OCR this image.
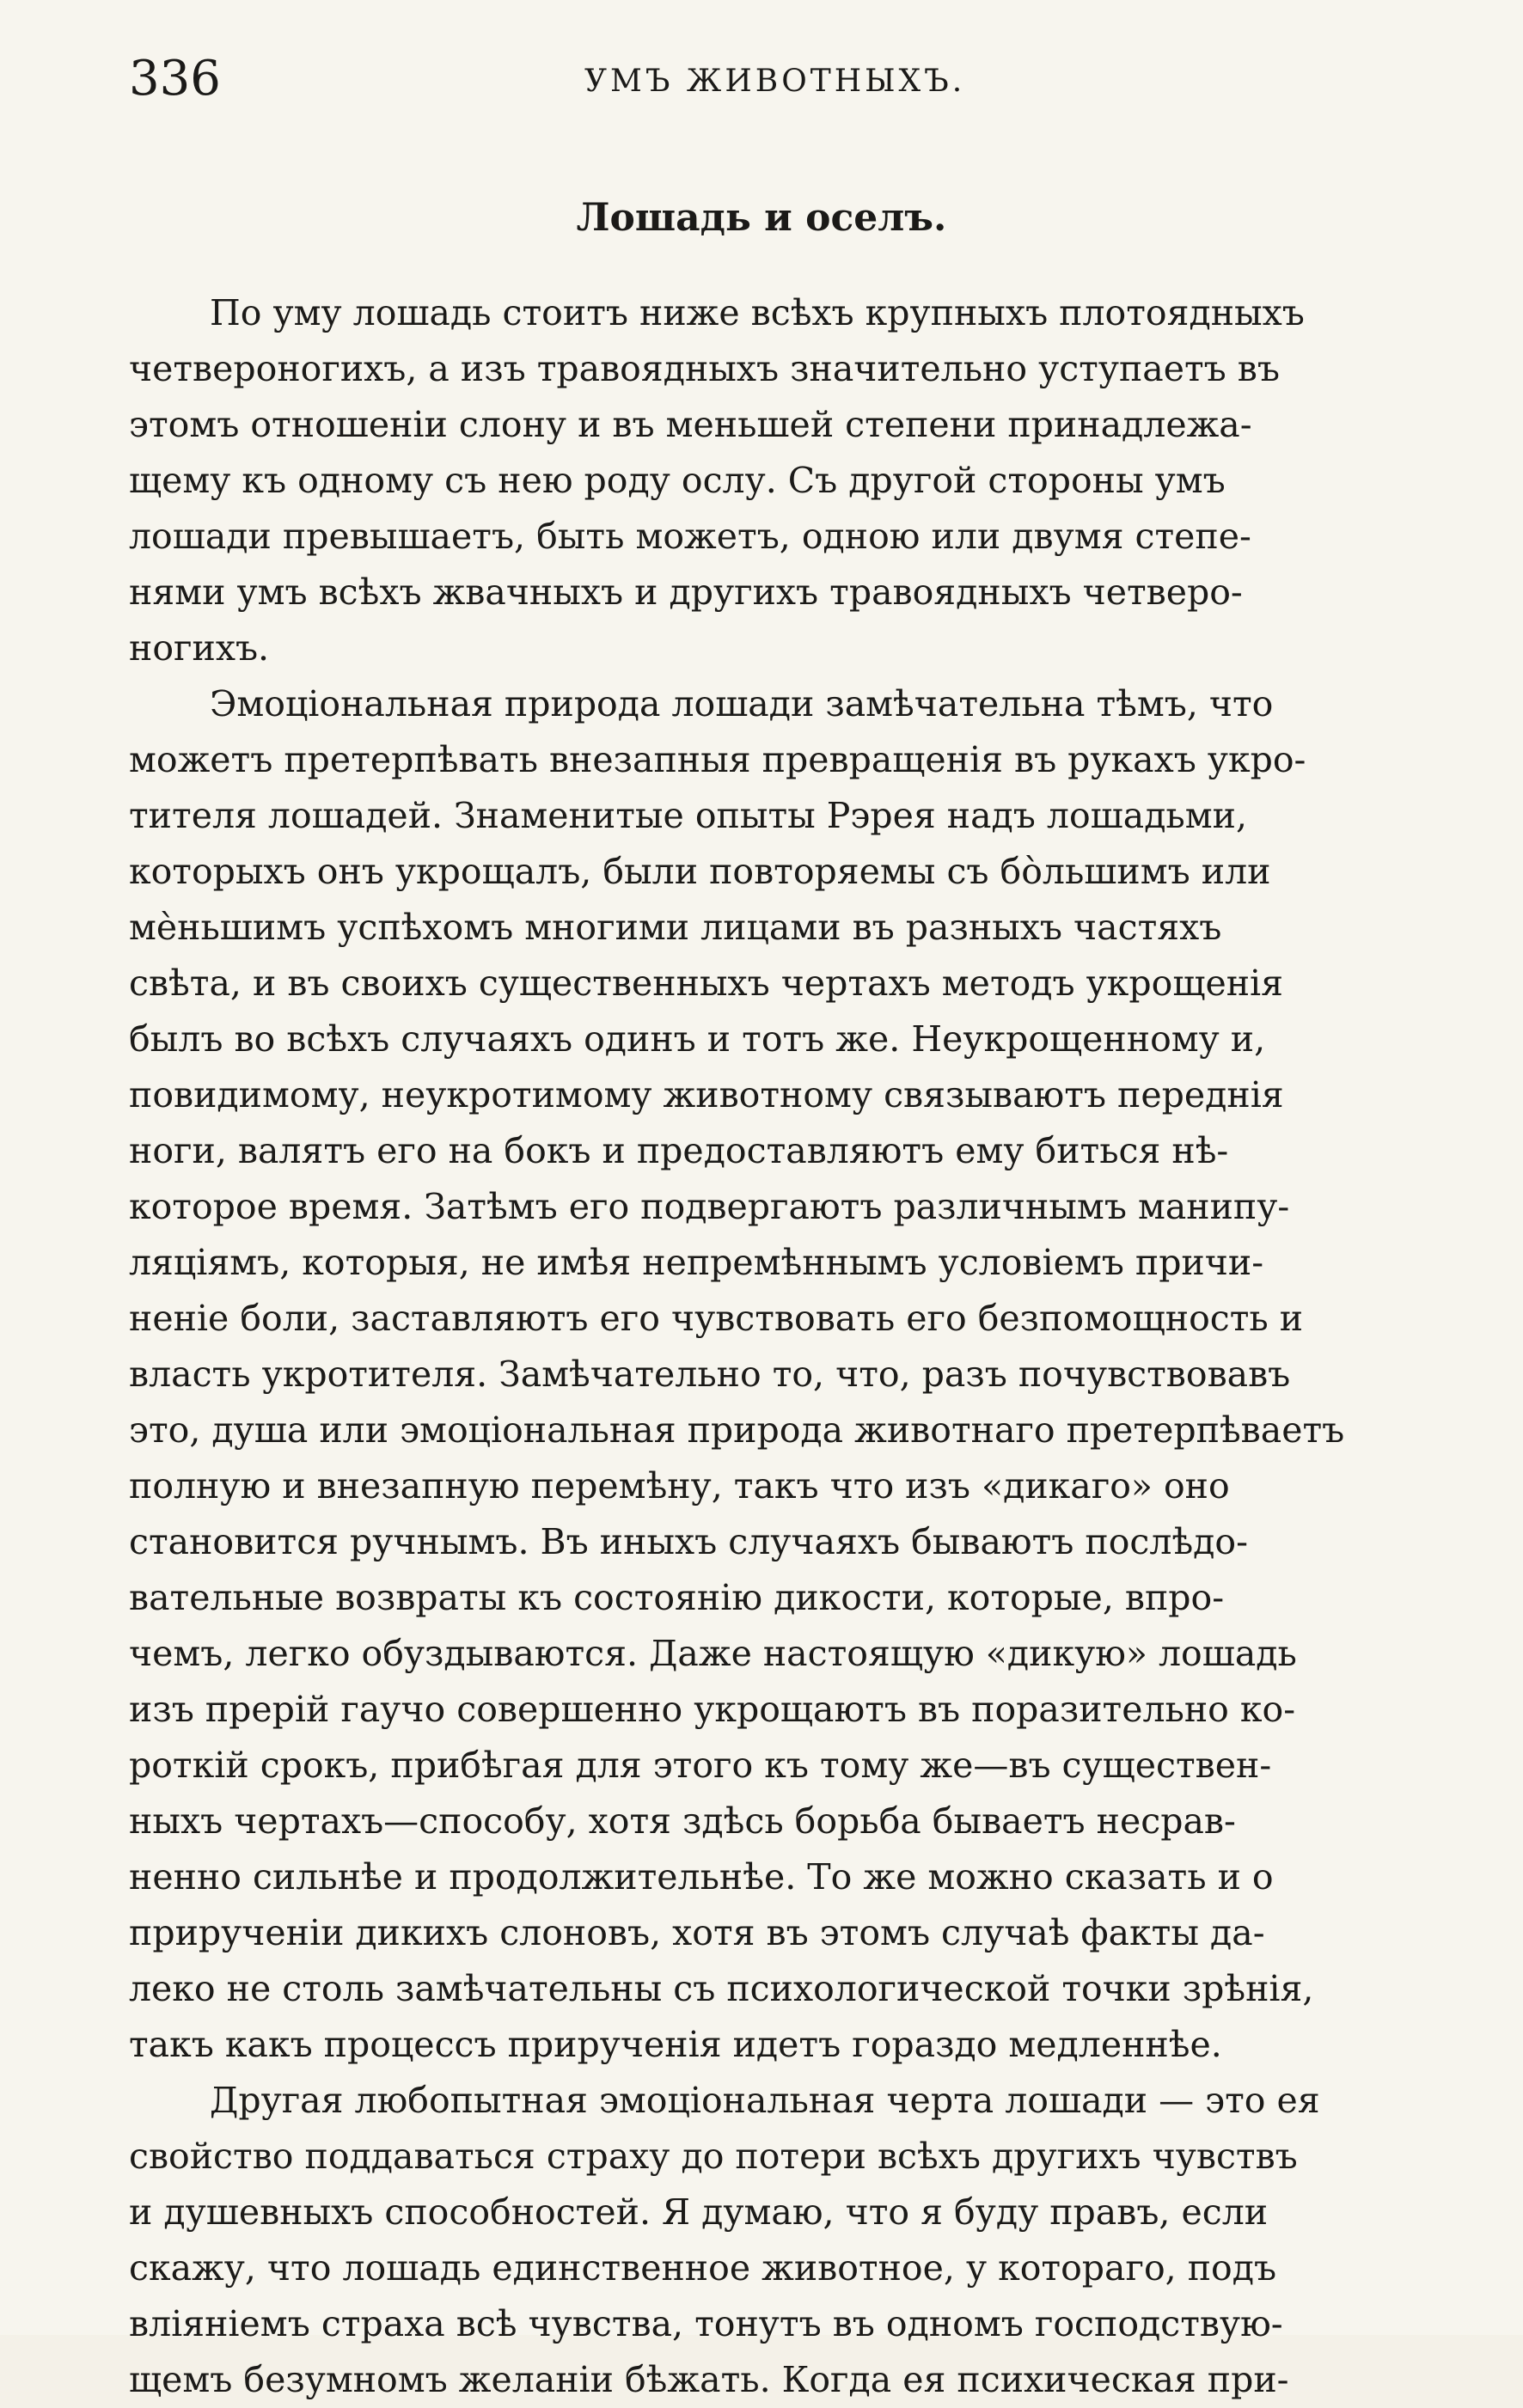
336	УМЪ ЖИВОТНЫХЪ.
Лошадь и оселъ.

По уму лошадь стоитъ ниже всѣхъ крупныхъ плотоядныхъ
четвероногихъ, а изъ травоядныхъ значительно уступаетъ въ
этомъ отношеніи слону и въ меньшей степени принадлежа-
щему къ одному съ нею роду ослу. Съ другой стороны умъ
лошади превышаетъ, быть можетъ, одною или двумя степе-
нями умъ всѣхъ жвачныхъ и другихъ травоядныхъ четверо-
ногихъ.

Эмоціональная природа лошади замѣчательна тѣмъ, что
можетъ претерпѣвать внезапныя превращенія въ рукахъ укро-
тителя лошадей. Знаменитые опыты Рэрея надъ лошадьми,
которыхъ онъ укрощалъ, были повторяемы съ бо̀льшимъ или
мѐньшимъ успѣхомъ многими лицами въ разныхъ частяхъ
свѣта, и въ своихъ существенныхъ чертахъ методъ укрощенія
былъ во всѣхъ случаяхъ одинъ и тотъ же. Неукрощенному и,
повидимому, неукротимому животному связываютъ переднія
ноги, валятъ его на бокъ и предоставляютъ ему биться нѣ-
которое время. Затѣмъ его подвергаютъ различнымъ манипу-
ляціямъ, которыя, не имѣя непремѣннымъ условіемъ причи-
неніе боли, заставляютъ его чувствовать его безпомощность и
власть укротителя. Замѣчательно то, что, разъ почувствовавъ
это, душа или эмоціональная природа животнаго претерпѣваетъ
полную и внезапную перемѣну, такъ что изъ «дикаго» оно
становится ручнымъ. Въ иныхъ случаяхъ бываютъ послѣдо-
вательные возвраты къ состоянію дикости, которые, впро-
чемъ, легко обуздываются. Даже настоящую «дикую» лошадь
изъ прерій гаучо совершенно укрощаютъ въ поразительно ко-
роткій срокъ, прибѣгая для этого къ тому же—въ существен-
ныхъ чертахъ—способу, хотя здѣсь борьба бываетъ несрав-
ненно сильнѣе и продолжительнѣе. То же можно сказать и о
прирученіи дикихъ слоновъ, хотя въ этомъ случаѣ факты да-
леко не столь замѣчательны съ психологической точки зрѣнія,
такъ какъ процессъ прирученія идетъ гораздо медленнѣе.

Другая любопытная эмоціональная черта лошади — это ея
свойство поддаваться страху до потери всѣхъ другихъ чувствъ
и душевныхъ способностей. Я думаю, что я буду правъ, если
скажу, что лошадь единственное животное, у котораго, подъ
вліяніемъ страха всѣ чувства, тонутъ въ одномъ господствую-
щемъ безумномъ желаніи бѣжать. Когда ея психическая при-
